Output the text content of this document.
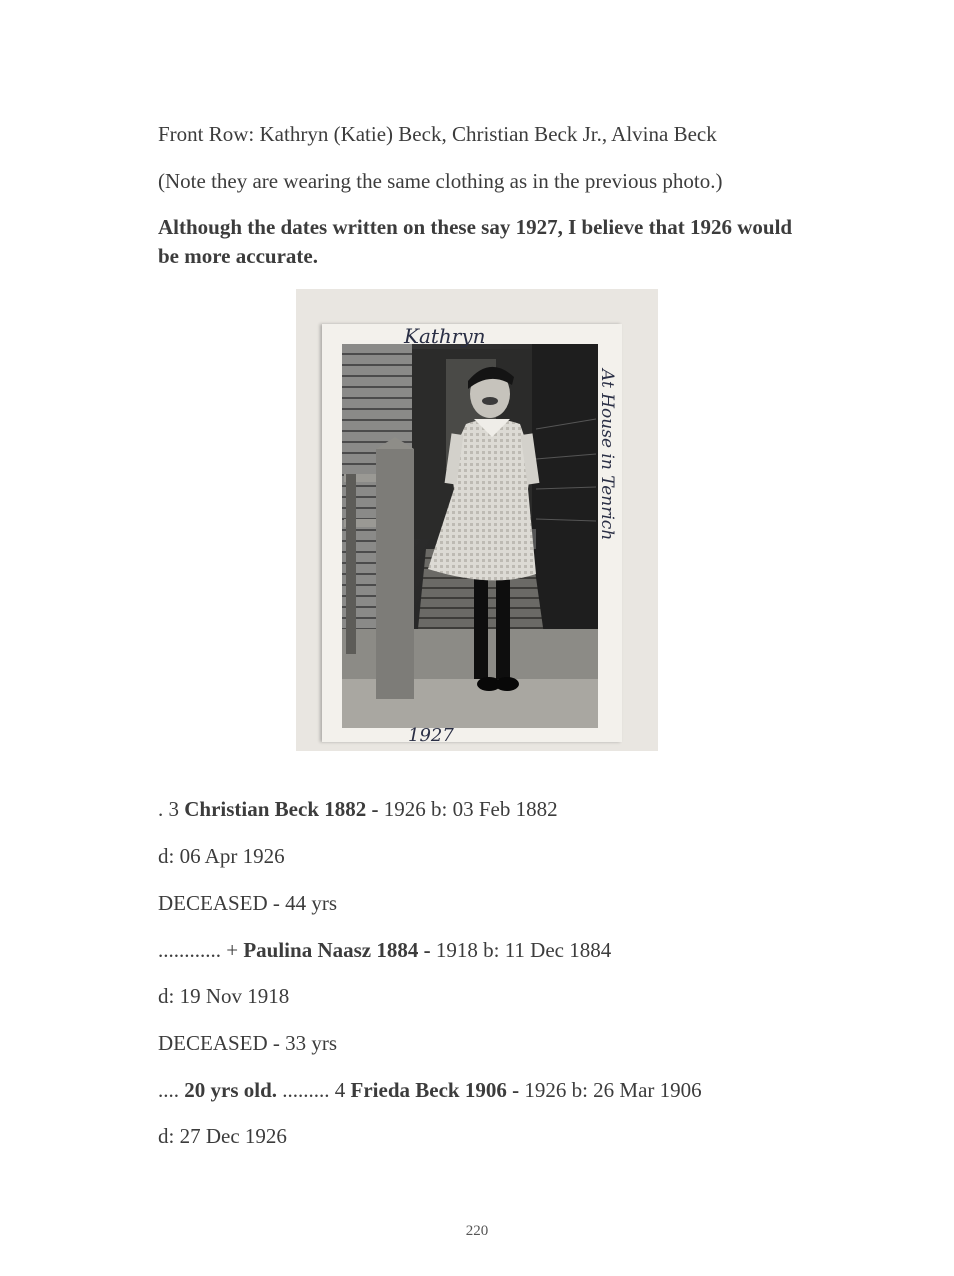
Front Row: Kathryn (Katie) Beck, Christian Beck Jr., Alvina Beck
(Note they are wearing the same clothing as in the previous photo.)
Although the dates written on these say 1927, I believe that 1926 would be more accurate.
Kathryn
At House in Tenrich
1927
. 3 Christian Beck 1882 - 1926 b: 03 Feb 1882
d: 06 Apr 1926
DECEASED - 44 yrs
............ + Paulina Naasz 1884 - 1918 b: 11 Dec 1884
d: 19 Nov 1918
DECEASED - 33 yrs
.... 20 yrs old. ......... 4 Frieda Beck 1906 - 1926 b: 26 Mar 1906
d: 27 Dec 1926
220
